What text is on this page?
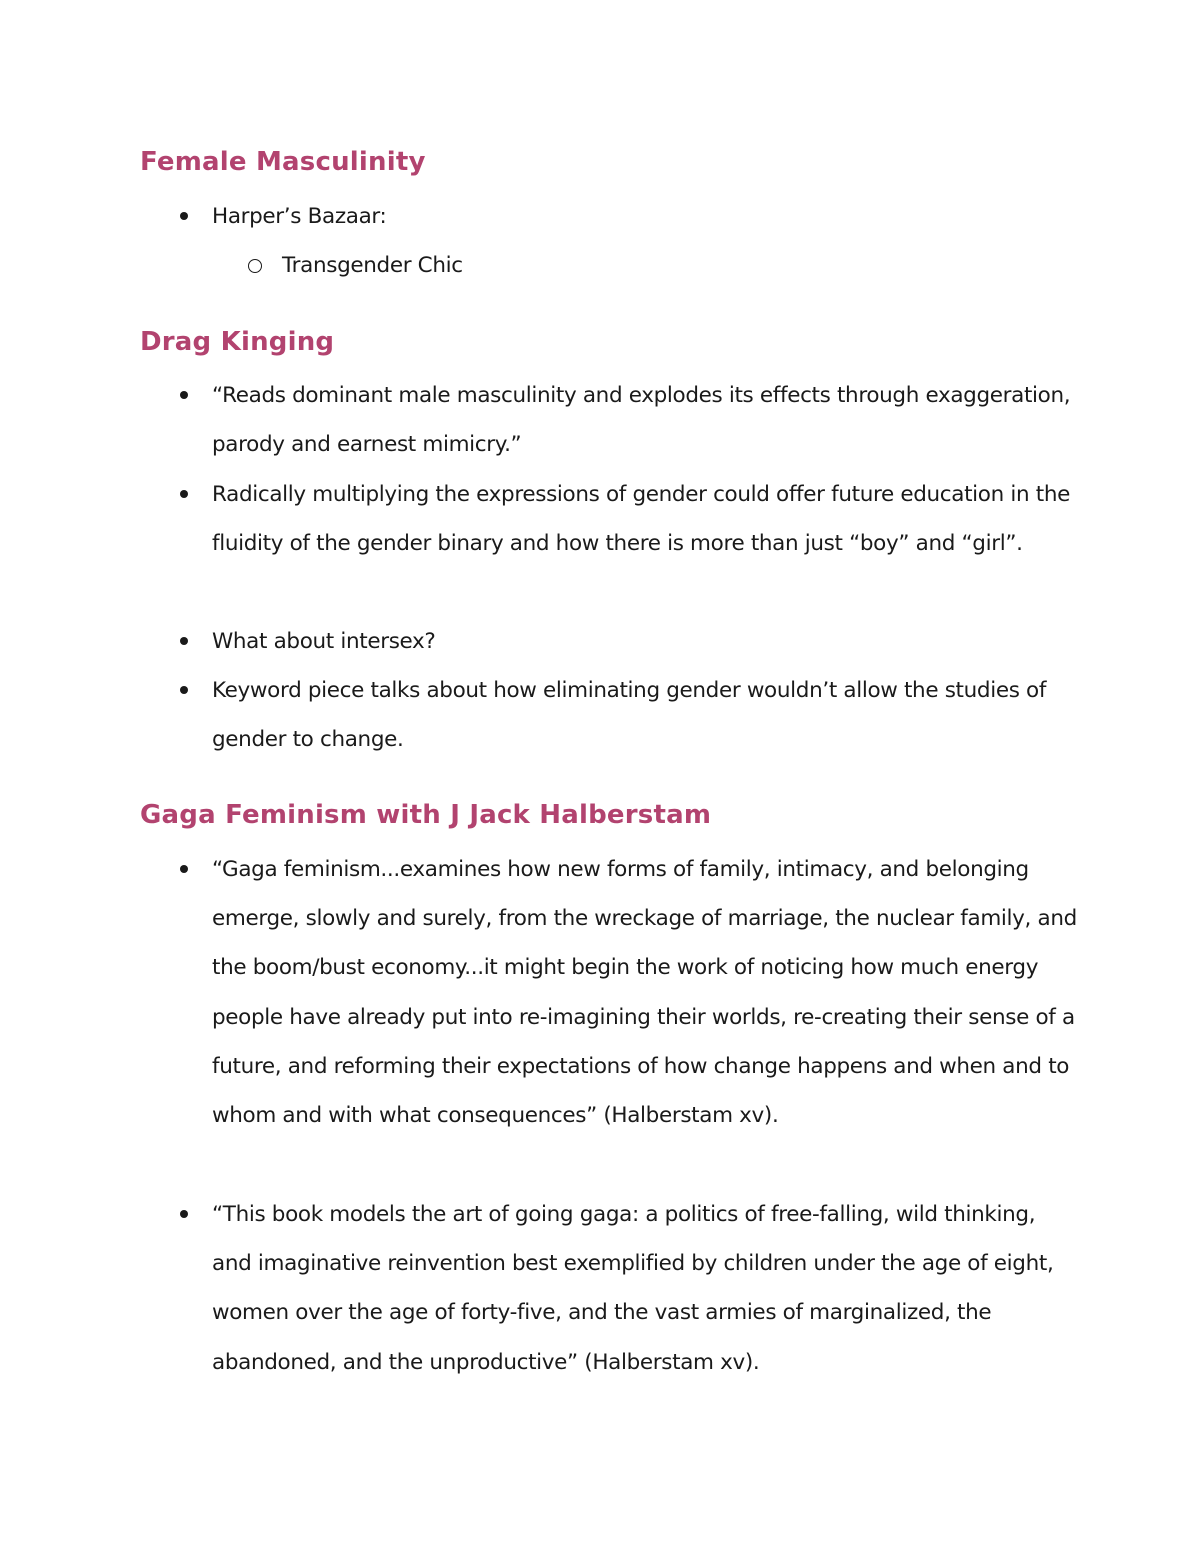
Female Masculinity

Harper’s Bazaar:

Transgender Chic

Drag Kinging

“Reads dominant male masculinity and explodes its effects through exaggeration, parody and earnest mimicry.”

Radically multiplying the expressions of gender could offer future education in the fluidity of the gender binary and how there is more than just “boy” and “girl”.

What about intersex?

Keyword piece talks about how eliminating gender wouldn’t allow the studies of gender to change.

Gaga Feminism with J Jack Halberstam

“Gaga feminism...examines how new forms of family, intimacy, and belonging emerge, slowly and surely, from the wreckage of marriage, the nuclear family, and the boom/bust economy...it might begin the work of noticing how much energy people have already put into re-imagining their worlds, re-creating their sense of a future, and reforming their expectations of how change happens and when and to whom and with what consequences” (Halberstam xv).

“This book models the art of going gaga: a politics of free-falling, wild thinking, and imaginative reinvention best exemplified by children under the age of eight, women over the age of forty-five, and the vast armies of marginalized, the abandoned, and the unproductive” (Halberstam xv).
